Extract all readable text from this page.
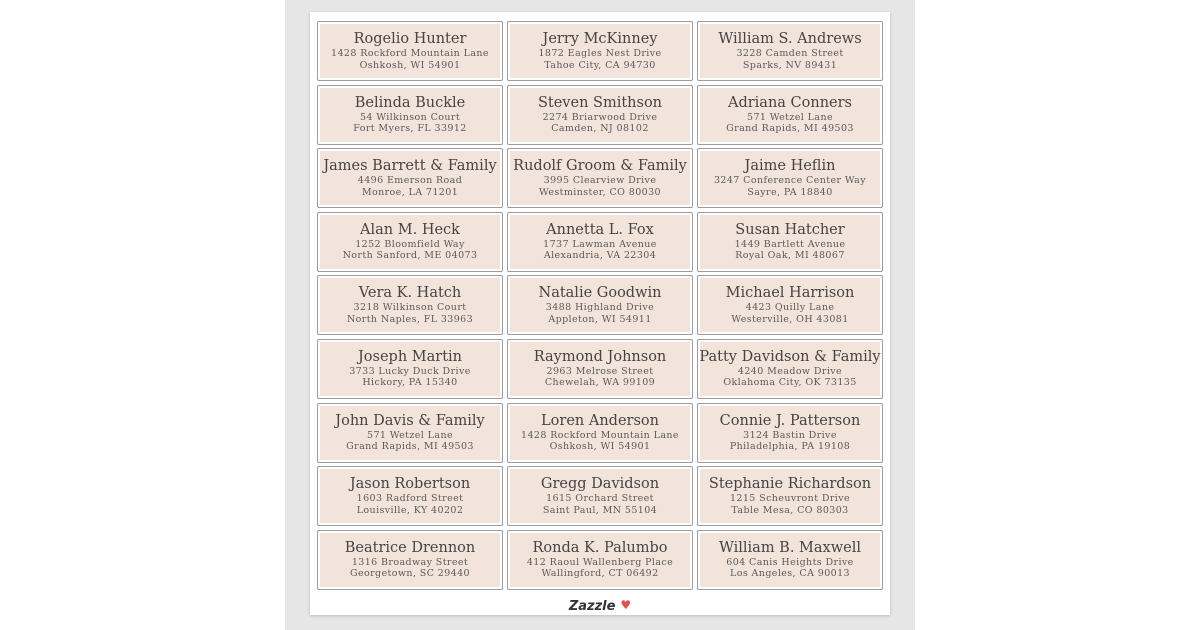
Rogelio Hunter
1428 Rockford Mountain Lane
Oshkosh, WI 54901
Jerry McKinney
1872 Eagles Nest Drive
Tahoe City, CA 94730
William S. Andrews
3228 Camden Street
Sparks, NV 89431
Belinda Buckle
54 Wilkinson Court
Fort Myers, FL 33912
Steven Smithson
2274 Briarwood Drive
Camden, NJ 08102
Adriana Conners
571 Wetzel Lane
Grand Rapids, MI 49503
James Barrett & Family
4496 Emerson Road
Monroe, LA 71201
Rudolf Groom & Family
3995 Clearview Drive
Westminster, CO 80030
Jaime Heflin
3247 Conference Center Way
Sayre, PA 18840
Alan M. Heck
1252 Bloomfield Way
North Sanford, ME 04073
Annetta L. Fox
1737 Lawman Avenue
Alexandria, VA 22304
Susan Hatcher
1449 Bartlett Avenue
Royal Oak, MI 48067
Vera K. Hatch
3218 Wilkinson Court
North Naples, FL 33963
Natalie Goodwin
3488 Highland Drive
Appleton, WI 54911
Michael Harrison
4423 Quilly Lane
Westerville, OH 43081
Joseph Martin
3733 Lucky Duck Drive
Hickory, PA 15340
Raymond Johnson
2963 Melrose Street
Chewelah, WA 99109
Patty Davidson & Family
4240 Meadow Drive
Oklahoma City, OK 73135
John Davis & Family
571 Wetzel Lane
Grand Rapids, MI 49503
Loren Anderson
1428 Rockford Mountain Lane
Oshkosh, WI 54901
Connie J. Patterson
3124 Bastin Drive
Philadelphia, PA 19108
Jason Robertson
1603 Radford Street
Louisville, KY 40202
Gregg Davidson
1615 Orchard Street
Saint Paul, MN 55104
Stephanie Richardson
1215 Scheuvront Drive
Table Mesa, CO 80303
Beatrice Drennon
1316 Broadway Street
Georgetown, SC 29440
Ronda K. Palumbo
412 Raoul Wallenberg Place
Wallingford, CT 06492
William B. Maxwell
604 Canis Heights Drive
Los Angeles, CA 90013
Zazzle ♥
